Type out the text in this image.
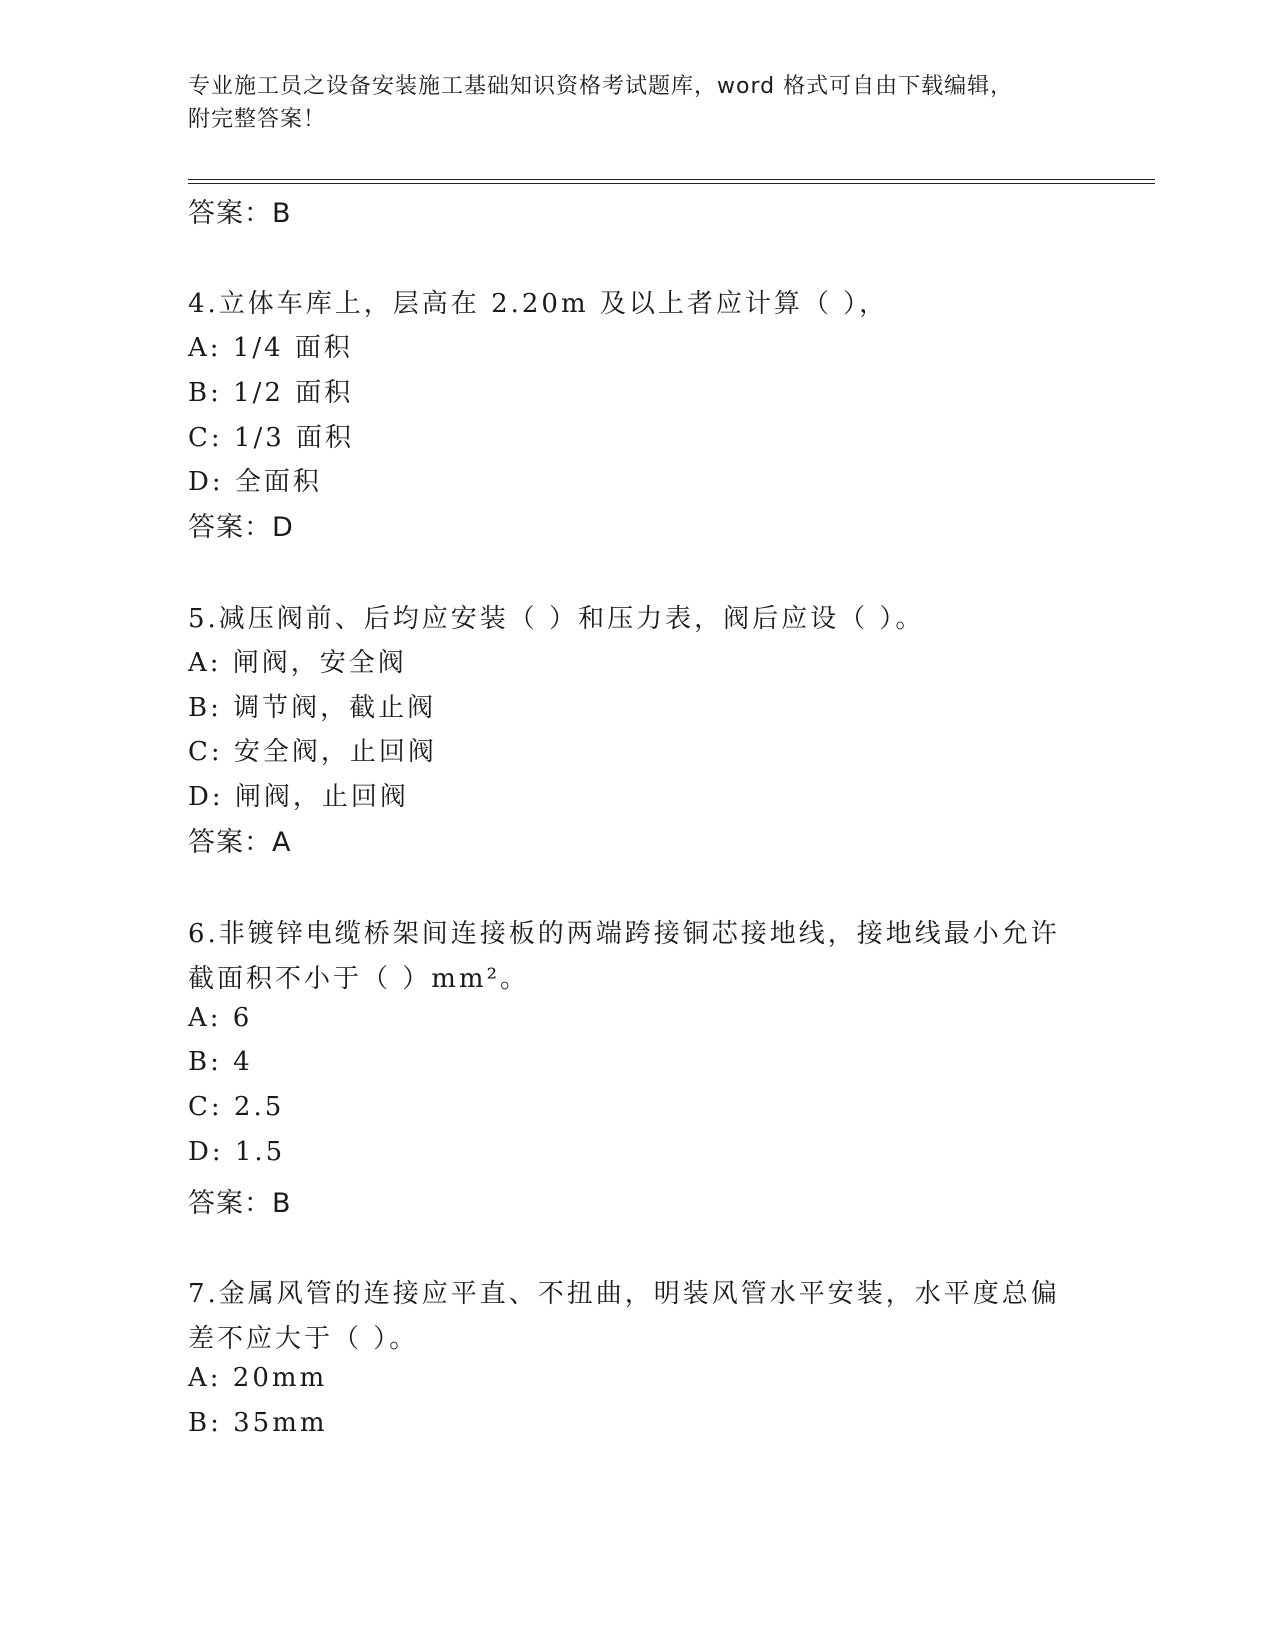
专业施工员之设备安装施工基础知识资格考试题库，word 格式可自由下载编辑，
附完整答案！
答案：B
4.立体车库上，层高在 2.20m 及以上者应计算（ ），
A: 1/4 面积
B: 1/2 面积
C: 1/3 面积
D: 全面积
答案：D
5.减压阀前、后均应安装（ ）和压力表，阀后应设（ ）。
A: 闸阀，安全阀
B: 调节阀，截止阀
C: 安全阀，止回阀
D: 闸阀，止回阀
答案：A
6.非镀锌电缆桥架间连接板的两端跨接铜芯接地线，接地线最小允许
截面积不小于（ ）mm²。
A: 6
B: 4
C: 2.5
D: 1.5
答案：B
7.金属风管的连接应平直、不扭曲，明装风管水平安装，水平度总偏
差不应大于（ ）。
A: 20mm
B: 35mm
